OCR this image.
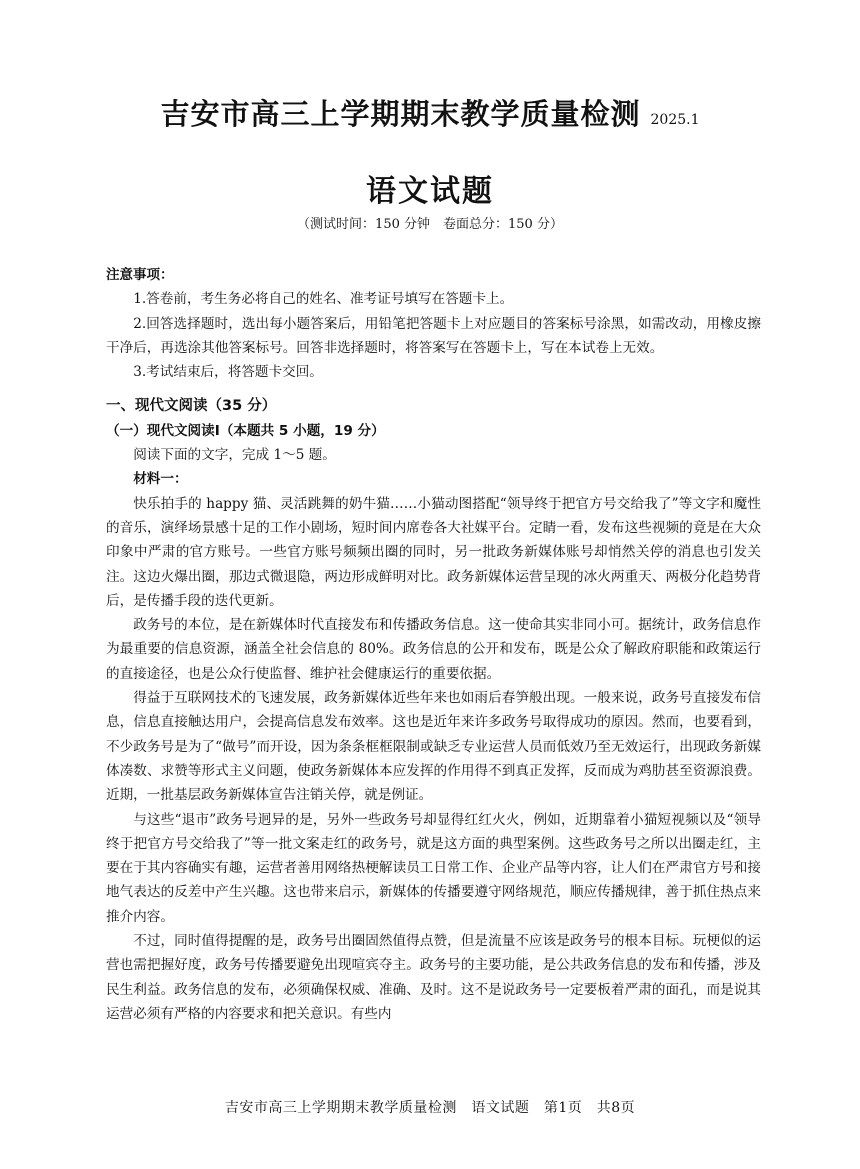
吉安市高三上学期期末教学质量检测 2025.1
语文试题
（测试时间：150 分钟　卷面总分：150 分）

注意事项：

1.答卷前，考生务必将自己的姓名、准考证号填写在答题卡上。

2.回答选择题时，选出每小题答案后，用铅笔把答题卡上对应题目的答案标号涂黑，如需改动，用橡皮擦干净后，再选涂其他答案标号。回答非选择题时，将答案写在答题卡上，写在本试卷上无效。

3.考试结束后，将答题卡交回。

一、现代文阅读（35 分）

（一）现代文阅读Ⅰ（本题共 5 小题，19 分）

阅读下面的文字，完成 1～5 题。

材料一：

快乐拍手的 happy 猫、灵活跳舞的奶牛猫……小猫动图搭配“领导终于把官方号交给我了”等文字和魔性的音乐，演绎场景感十足的工作小剧场，短时间内席卷各大社媒平台。定睛一看，发布这些视频的竟是在大众印象中严肃的官方账号。一些官方账号频频出圈的同时，另一批政务新媒体账号却悄然关停的消息也引发关注。这边火爆出圈，那边式微退隐，两边形成鲜明对比。政务新媒体运营呈现的冰火两重天、两极分化趋势背后，是传播手段的迭代更新。

政务号的本位，是在新媒体时代直接发布和传播政务信息。这一使命其实非同小可。据统计，政务信息作为最重要的信息资源，涵盖全社会信息的 80%。政务信息的公开和发布，既是公众了解政府职能和政策运行的直接途径，也是公众行使监督、维护社会健康运行的重要依据。

得益于互联网技术的飞速发展，政务新媒体近些年来也如雨后春笋般出现。一般来说，政务号直接发布信息，信息直接触达用户，会提高信息发布效率。这也是近年来许多政务号取得成功的原因。然而，也要看到，不少政务号是为了“做号”而开设，因为条条框框限制或缺乏专业运营人员而低效乃至无效运行，出现政务新媒体凑数、求赞等形式主义问题，使政务新媒体本应发挥的作用得不到真正发挥，反而成为鸡肋甚至资源浪费。近期，一批基层政务新媒体宣告注销关停，就是例证。

与这些“退市”政务号迥异的是，另外一些政务号却显得红红火火，例如，近期靠着小猫短视频以及“领导终于把官方号交给我了”等一批文案走红的政务号，就是这方面的典型案例。这些政务号之所以出圈走红，主要在于其内容确实有趣，运营者善用网络热梗解读员工日常工作、企业产品等内容，让人们在严肃官方号和接地气表达的反差中产生兴趣。这也带来启示，新媒体的传播要遵守网络规范，顺应传播规律，善于抓住热点来推介内容。

不过，同时值得提醒的是，政务号出圈固然值得点赞，但是流量不应该是政务号的根本目标。玩梗似的运营也需把握好度，政务号传播要避免出现喧宾夺主。政务号的主要功能，是公共政务信息的发布和传播，涉及民生利益。政务信息的发布，必须确保权威、准确、及时。这不是说政务号一定要板着严肃的面孔，而是说其运营必须有严格的内容要求和把关意识。有些内

吉安市高三上学期期末教学质量检测　语文试题　第1页　共8页
